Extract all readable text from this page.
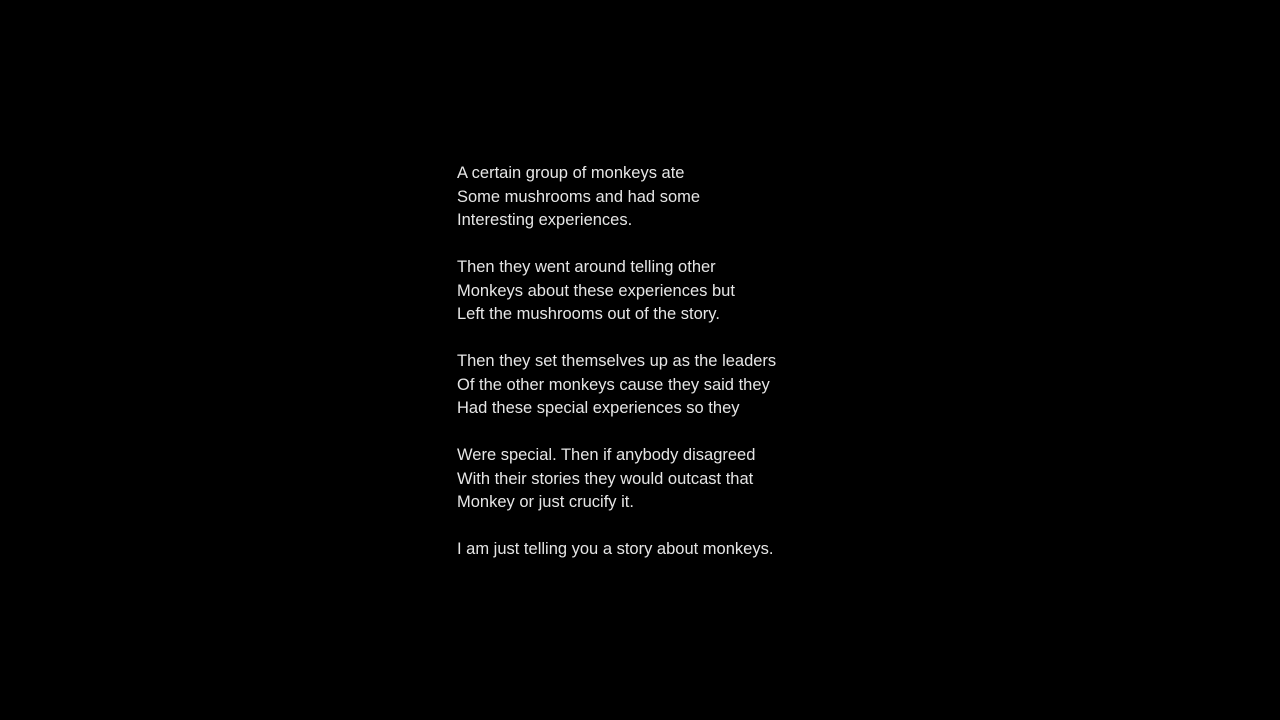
A certain group of monkeys ate
Some mushrooms and had some
Interesting experiences.
Then they went around telling other
Monkeys about these experiences but
Left the mushrooms out of the story.
Then they set themselves up as the leaders
Of the other monkeys cause they said they
Had these special experiences so they
Were special. Then if anybody disagreed
With their stories they would outcast that
Monkey or just crucify it.
I am just telling you a story about monkeys.
